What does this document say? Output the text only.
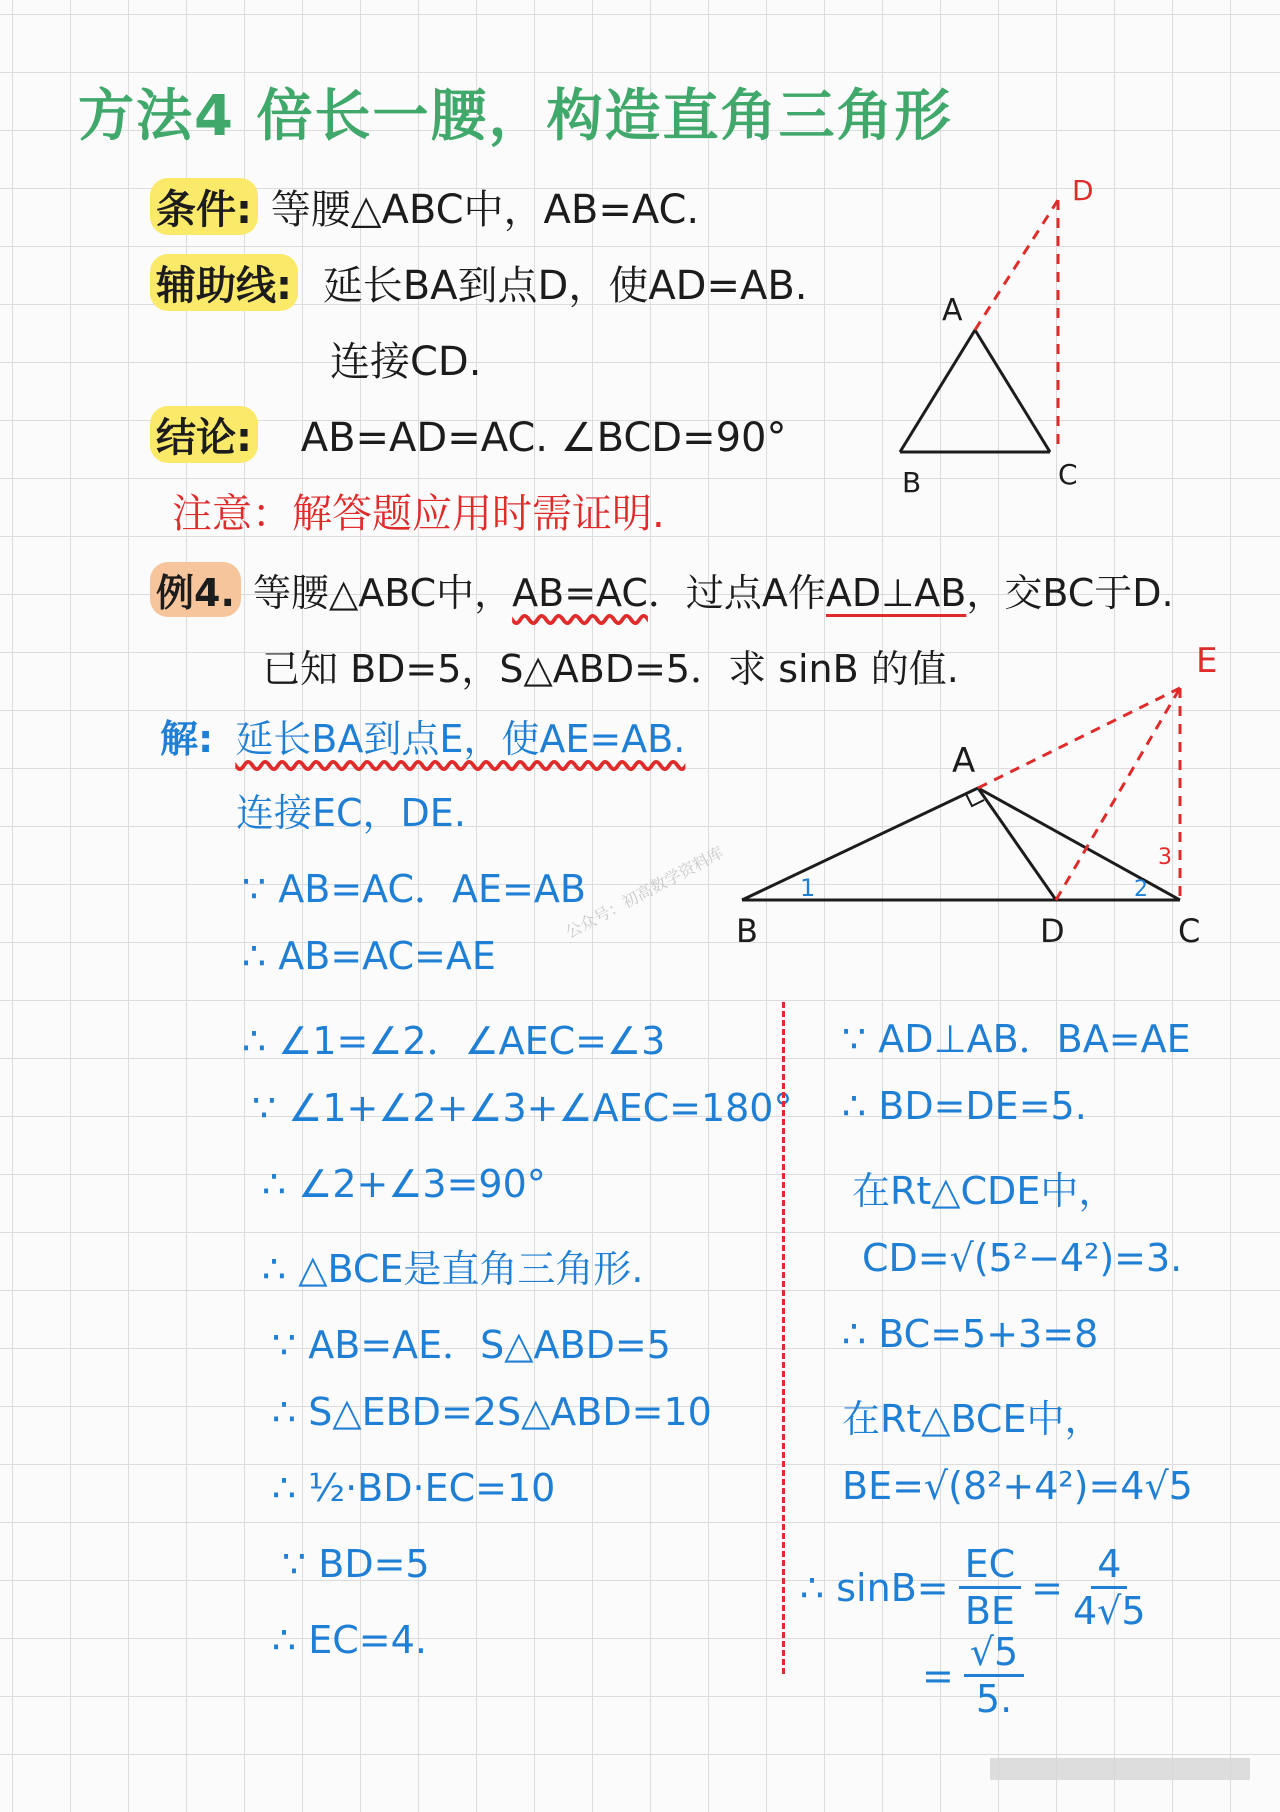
方法4 倍长一腰，构造直角三角形
条件: 等腰△ABC中，AB=AC.
辅助线: 延长BA到点D，使AD=AB.
连接CD.
结论: AB=AD=AC. ∠BCD=90°
注意：解答题应用时需证明.
例4. 等腰△ABC中，AB=AC．过点A作AD⊥AB，交BC于D.
已知 BD=5，S△ABD=5．求 sinB 的值.
解: 延长BA到点E，使AE=AB.
连接EC，DE.
∵ AB=AC．AE=AB
∴ AB=AC=AE
∴ ∠1=∠2．∠AEC=∠3
∵ ∠1+∠2+∠3+∠AEC=180°
∴ ∠2+∠3=90°
∴ △BCE是直角三角形.
∵ AB=AE．S△ABD=5
∴ S△EBD=2S△ABD=10
∴ ½·BD·EC=10
∵ BD=5
∴ EC=4.
∵ AD⊥AB．BA=AE
∴ BD=DE=5.
在Rt△CDE中，
CD=√(5²−4²)=3.
∴ BC=5+3=8
在Rt△BCE中，
BE=√(8²+4²)=4√5
∴ $\sin B= \frac{EC}{BE} = \frac{4}{4√5}$
= $\frac{√5}{5.}$
A
B	C
D
A
B	C
D
E
1	2
3
公众号：初高数学资料库
